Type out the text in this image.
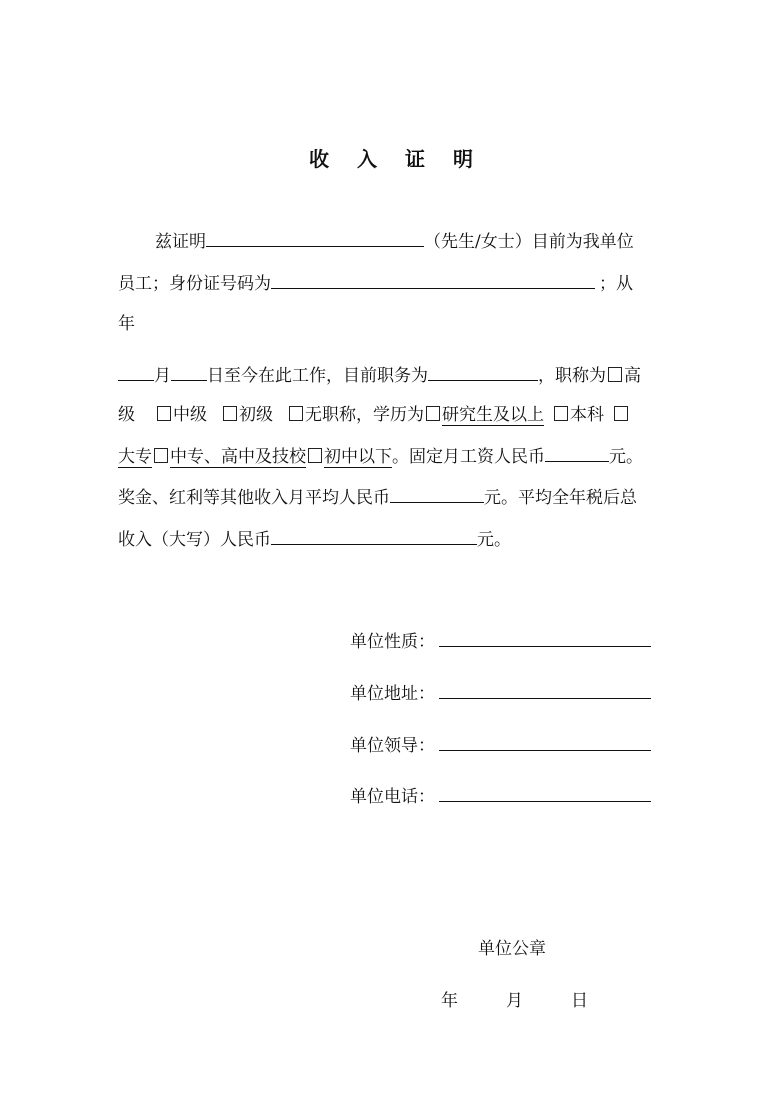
收 入 证 明
兹证明	（先生/女士）目前为我单位
员工；身份证号码为	；从
年
月 日至今在此工作，目前职务为	，职称为 高
级 中级 初级 无职称，学历为 研究生及以上 本科
大专 中专、高中及技校 初中以下。固定月工资人民币	元。
奖金、红利等其他收入月平均人民币	元。平均全年税后总
收入（大写）人民币	元。
单位性质：
单位地址：
单位领导：
单位电话：
单位公章
年	月	日
